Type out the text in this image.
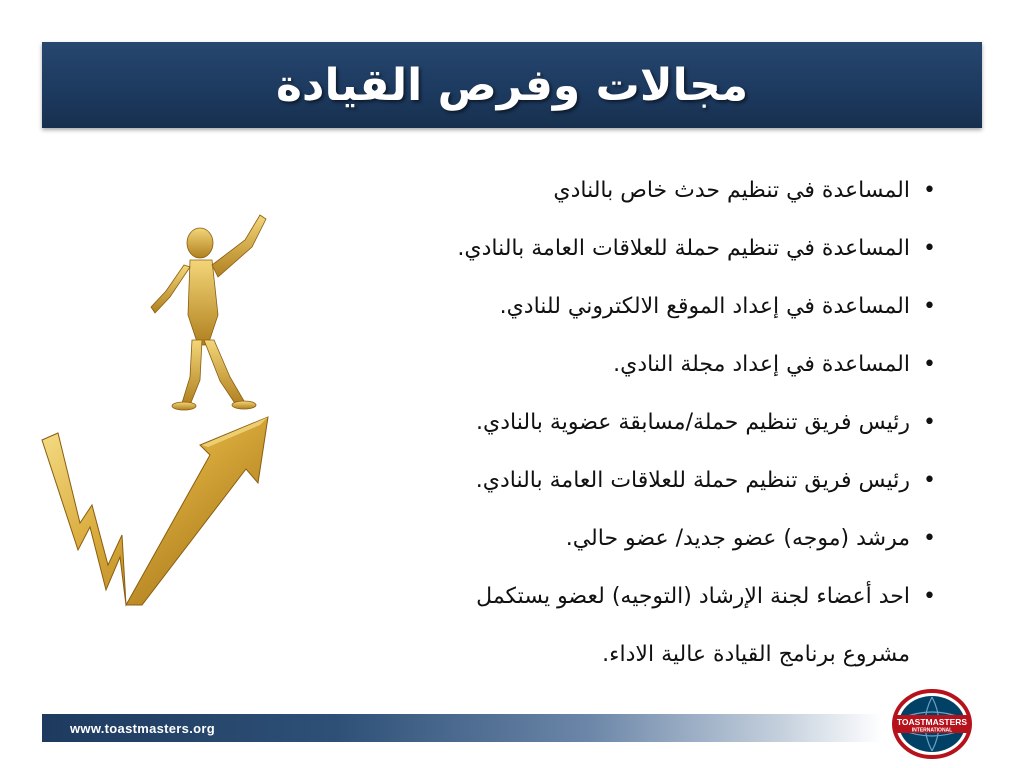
مجالات وفرص القيادة
• المساعدة في تنظيم حدث خاص بالنادي
• المساعدة في تنظيم حملة للعلاقات العامة بالنادي.
• المساعدة في إعداد الموقع الالكتروني للنادي.
• المساعدة في إعداد مجلة النادي.
• رئيس فريق تنظيم حملة/مسابقة عضوية بالنادي.
• رئيس فريق تنظيم حملة للعلاقات العامة بالنادي.
• مرشد (موجه) عضو جديد/ عضو حالي.
• احد أعضاء لجنة الإرشاد (التوجيه) لعضو يستكمل
مشروع برنامج القيادة عالية الاداء.
www.toastmasters.org	TOASTMASTERS
INTERNATIONAL
